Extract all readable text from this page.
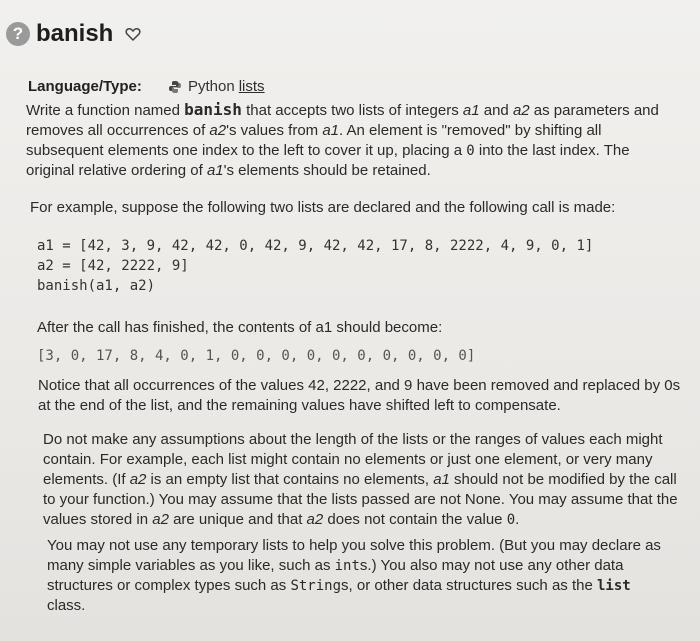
? banish
Language/Type:	Python lists
Write a function named banish that accepts two lists of integers a1 and a2 as parameters and removes all occurrences of a2's values from a1. An element is "removed" by shifting all subsequent elements one index to the left to cover it up, placing a 0 into the last index. The original relative ordering of a1's elements should be retained.
For example, suppose the following two lists are declared and the following call is made:
a1 = [42, 3, 9, 42, 42, 0, 42, 9, 42, 42, 17, 8, 2222, 4, 9, 0, 1]
a2 = [42, 2222, 9]
banish(a1, a2)
After the call has finished, the contents of a1 should become:
[3, 0, 17, 8, 4, 0, 1, 0, 0, 0, 0, 0, 0, 0, 0, 0, 0]
Notice that all occurrences of the values 42, 2222, and 9 have been removed and replaced by 0s at the end of the list, and the remaining values have shifted left to compensate.
Do not make any assumptions about the length of the lists or the ranges of values each might contain. For example, each list might contain no elements or just one element, or very many elements. (If a2 is an empty list that contains no elements, a1 should not be modified by the call to your function.) You may assume that the lists passed are not None. You may assume that the values stored in a2 are unique and that a2 does not contain the value 0.
You may not use any temporary lists to help you solve this problem. (But you may declare as many simple variables as you like, such as ints.) You also may not use any other data structures or complex types such as Strings, or other data structures such as the list class.
